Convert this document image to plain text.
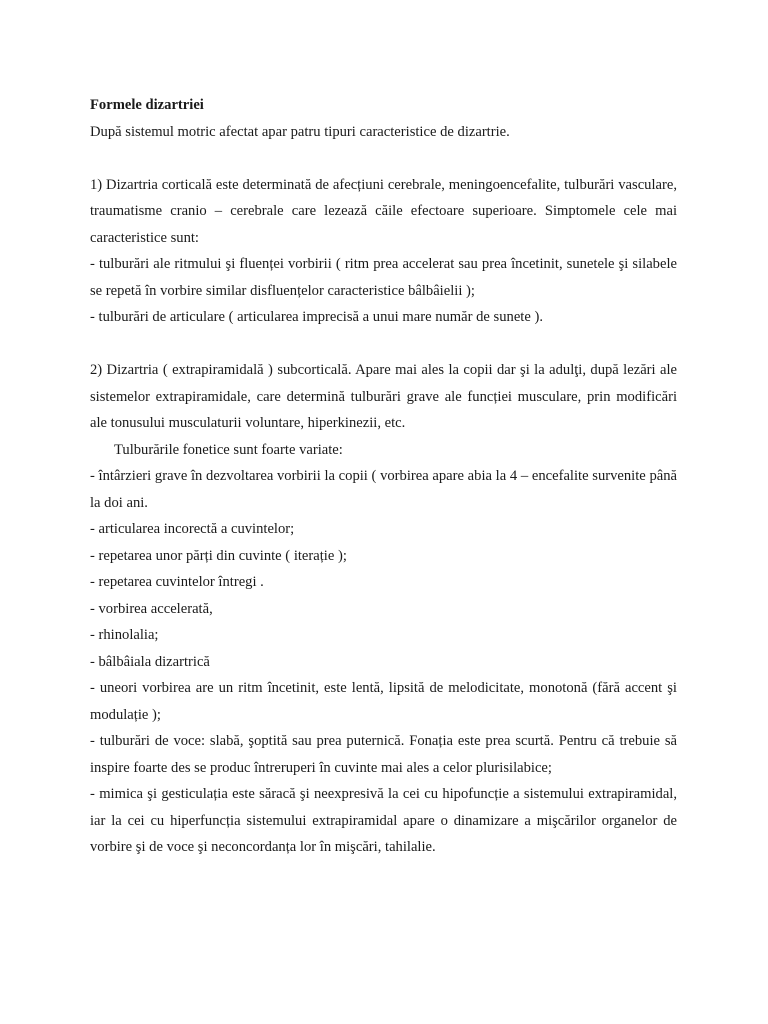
Formele dizartriei

După sistemul motric afectat apar patru tipuri caracteristice de dizartrie.

1) Dizartria corticală este determinată de afecțiuni cerebrale, meningoencefalite, tulburări vasculare, traumatisme cranio – cerebrale care lezează căile efectoare superioare. Simptomele cele mai caracteristice sunt:

- tulburări ale ritmului şi fluenței vorbirii ( ritm prea accelerat sau prea încetinit, sunetele şi silabele se repetă în vorbire similar disfluențelor caracteristice bâlbâielii );

- tulburări de articulare ( articularea imprecisă a unui mare număr de sunete ).

2) Dizartria ( extrapiramidală ) subcorticală. Apare mai ales la copii dar şi la adulţi, după lezări ale sistemelor extrapiramidale, care determină tulburări grave ale funcției musculare, prin modificări ale tonusului musculaturii voluntare, hiperkinezii, etc.

Tulburările fonetice sunt foarte variate:

- întârzieri grave în dezvoltarea vorbirii la copii ( vorbirea apare abia la 4 – encefalite survenite până la doi ani.

- articularea incorectă a cuvintelor;

- repetarea unor părți din cuvinte ( iterație );

- repetarea cuvintelor întregi .

- vorbirea accelerată,

- rhinolalia;

- bâlbâiala dizartrică

- uneori vorbirea are un ritm încetinit, este lentă, lipsită de melodicitate, monotonă (fără accent şi modulație );

- tulburări de voce: slabă, şoptită sau prea puternică. Fonația este prea scurtă. Pentru că trebuie să inspire foarte des se produc întreruperi în cuvinte mai ales a celor plurisilabice;

- mimica şi gesticulația este săracă şi neexpresivă la cei cu hipofuncție a sistemului extrapiramidal, iar la cei cu hiperfuncția sistemului extrapiramidal apare o dinamizare a mişcărilor organelor de vorbire şi de voce şi neconcordanța lor în mişcări, tahilalie.
